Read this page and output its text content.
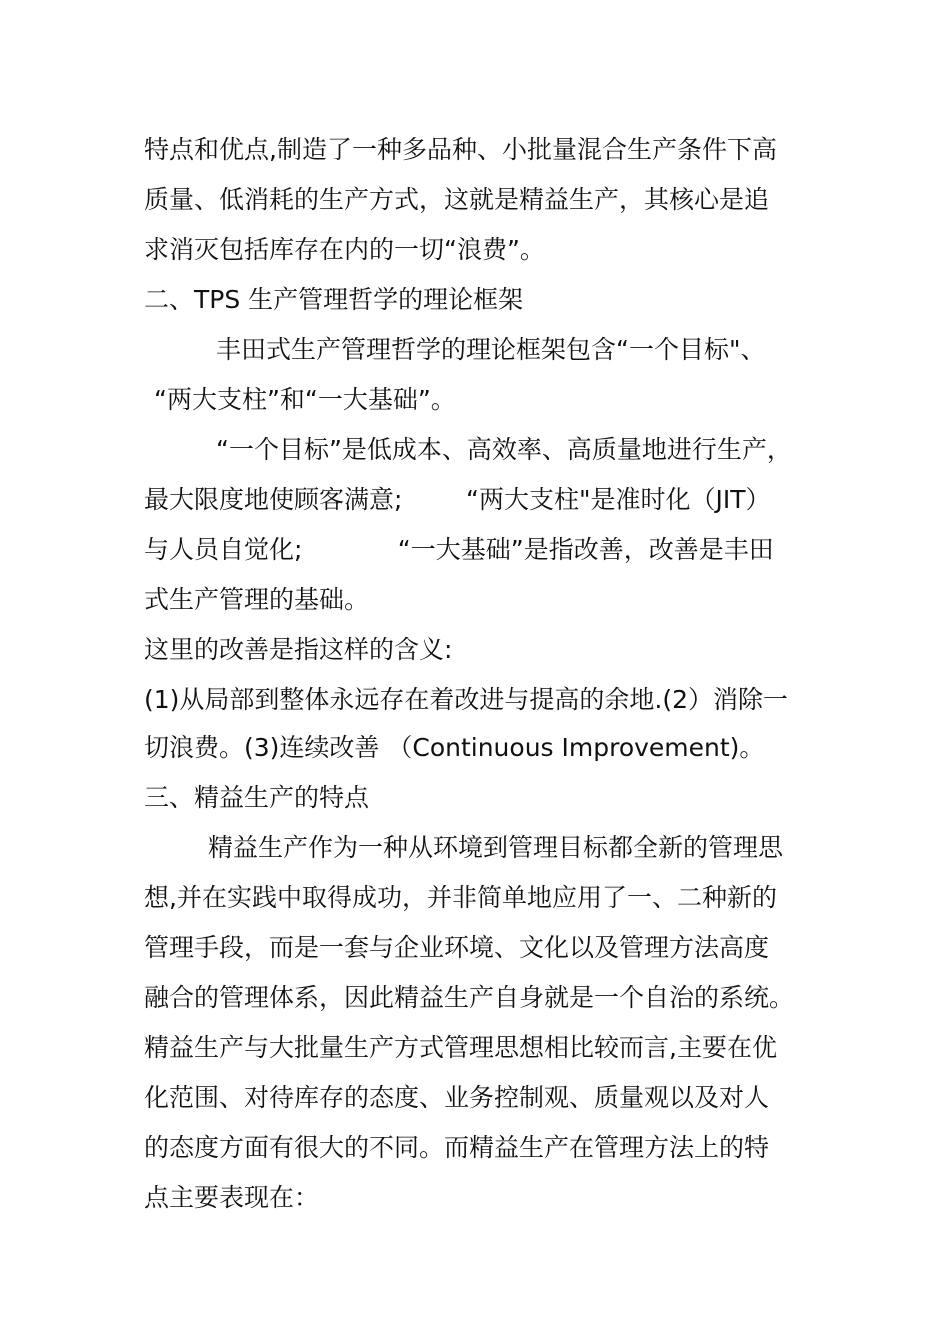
特点和优点,制造了一种多品种、小批量混合生产条件下高
质量、低消耗的生产方式，这就是精益生产，其核心是追
求消灭包括库存在内的一切“浪费”。
二、TPS 生产管理哲学的理论框架
丰田式生产管理哲学的理论框架包含“一个目标"、
“两大支柱”和“一大基础”。
“一个目标”是低成本、高效率、高质量地进行生产，
最大限度地使顾客满意;        “两大支柱"是准时化（JIT）
与人员自觉化;            “一大基础”是指改善，改善是丰田
式生产管理的基础。
这里的改善是指这样的含义:
(1)从局部到整体永远存在着改进与提高的余地.(2）消除一
切浪费。(3)连续改善 （Continuous Improvement)。
三、精益生产的特点
精益生产作为一种从环境到管理目标都全新的管理思
想,并在实践中取得成功，并非简单地应用了一、二种新的
管理手段，而是一套与企业环境、文化以及管理方法高度
融合的管理体系，因此精益生产自身就是一个自治的系统。
精益生产与大批量生产方式管理思想相比较而言,主要在优
化范围、对待库存的态度、业务控制观、质量观以及对人
的态度方面有很大的不同。而精益生产在管理方法上的特
点主要表现在：
